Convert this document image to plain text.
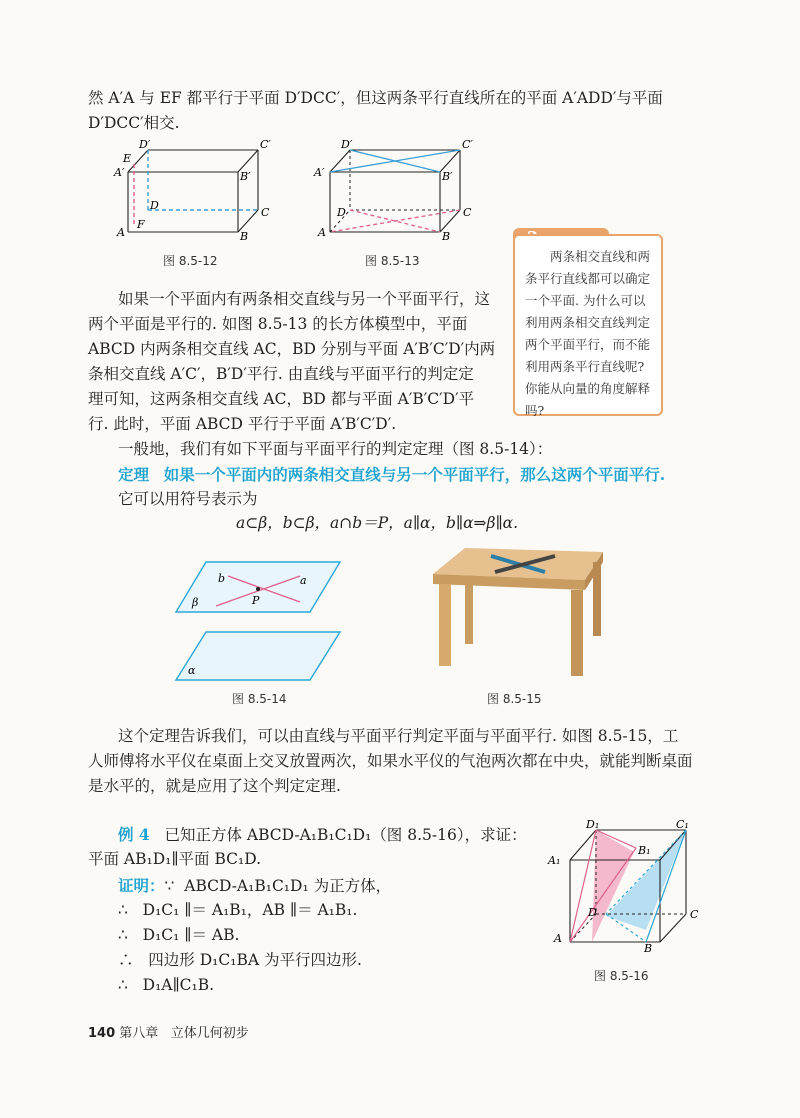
然 A′A 与 EF 都平行于平面 D′DCC′，但这两条平行直线所在的平面 A′ADD′与平面
D′DCC′相交.
D′	C′
E
A′	B′
D
C
A
F
B
图 8.5-12
D′	C′
A′	B′
D	C
A	B
图 8.5-13	两条相交直线和两条平行直线都可以确定一个平面. 为什么可以利用两条相交直线判定两个平面平行，而不能利用两条平行直线呢? 你能从向量的角度解释吗?
如果一个平面内有两条相交直线与另一个平面平行，这
两个平面是平行的. 如图 8.5-13 的长方体模型中，平面
ABCD 内两条相交直线 AC，BD 分别与平面 A′B′C′D′内两
条相交直线 A′C′，B′D′平行. 由直线与平面平行的判定定
理可知，这两条相交直线 AC，BD 都与平面 A′B′C′D′平
行. 此时，平面 ABCD 平行于平面 A′B′C′D′.
一般地，我们有如下平面与平面平行的判定定理（图 8.5-14）：
定理 如果一个平面内的两条相交直线与另一个平面平行，那么这两个平面平行.
它可以用符号表示为
a⊂β，b⊂β，a∩b＝P，a∥α，b∥α⇒β∥α.
b	a
P
β
α
图 8.5-14	图 8.5-15
这个定理告诉我们，可以由直线与平面平行判定平面与平面平行. 如图 8.5-15，工
人师傅将水平仪在桌面上交叉放置两次，如果水平仪的气泡两次都在中央，就能判断桌面
是水平的，就是应用了这个判定定理.
例 4 已知正方体 ABCD-A₁B₁C₁D₁（图 8.5-16），求证：
平面 AB₁D₁∥平面 BC₁D.
证明：∵ ABCD-A₁B₁C₁D₁ 为正方体，
∴ D₁C₁ ∥＝ A₁B₁，AB ∥＝ A₁B₁.
∴ D₁C₁ ∥＝ AB.
∴ 四边形 D₁C₁BA 为平行四边形.
∴ D₁A∥C₁B.
D₁	C₁
A₁
B₁
D	C
A
B
图 8.5-16
140 第八章 立体几何初步
